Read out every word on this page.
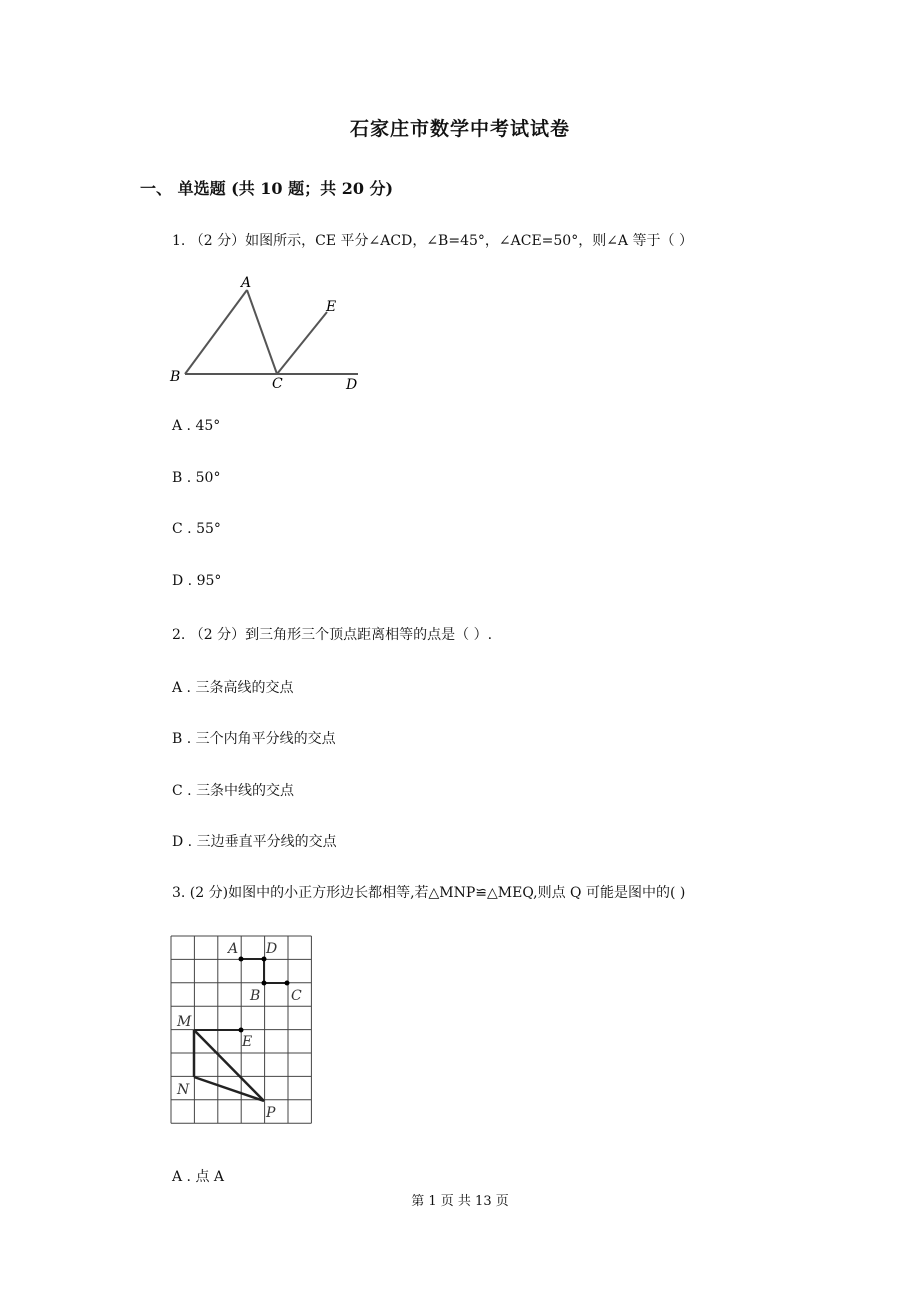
石家庄市数学中考试试卷
一、 单选题 (共 10 题；共 20 分)
1. （2 分）如图所示，CE 平分∠ACD，∠B=45°，∠ACE=50°，则∠A 等于（ ）
A
B	C	D
E
A . 45°
B . 50°
C . 55°
D . 95°
2. （2 分）到三角形三个顶点距离相等的点是（ ）.
A . 三条高线的交点
B . 三个内角平分线的交点
C . 三条中线的交点
D . 三边垂直平分线的交点
3. (2 分)如图中的小正方形边长都相等,若△MNP≌△MEQ,则点 Q 可能是图中的( )
A D
B C
M
E
N
P
A . 点 A
第 1 页 共 13 页
